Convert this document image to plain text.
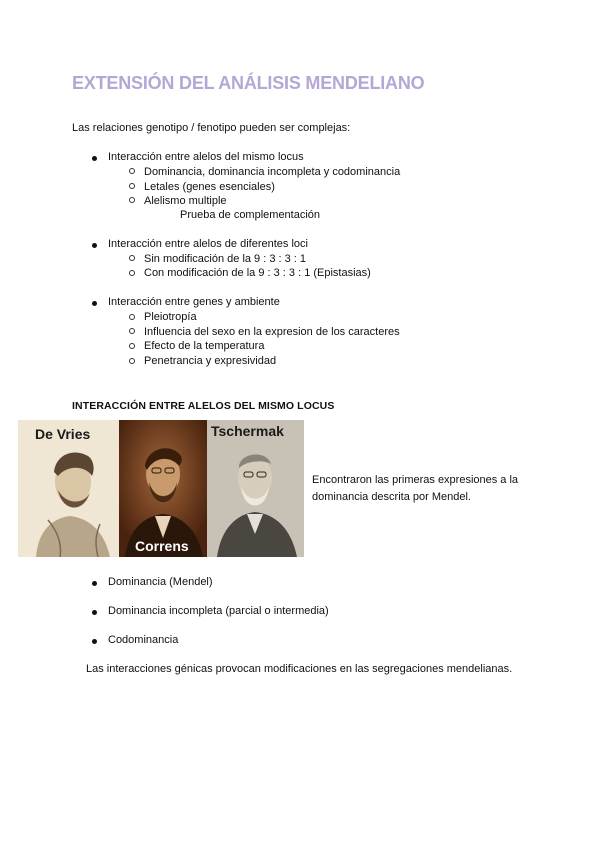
EXTENSIÓN DEL ANÁLISIS MENDELIANO
Las relaciones genotipo / fenotipo pueden ser complejas:
Interacción entre alelos del mismo locus
Dominancia, dominancia incompleta y codominancia
Letales (genes esenciales)
Alelismo multiple
Prueba de complementación
Interacción entre alelos de diferentes loci
Sin modificación de la 9 : 3 : 3 : 1
Con modificación de la 9 : 3 : 3 : 1 (Epistasias)
Interacción entre genes y ambiente
Pleiotropía
Influencia del sexo en la expresion de los caracteres
Efecto de la temperatura
Penetrancia y expresividad
INTERACCIÓN ENTRE ALELOS DEL MISMO LOCUS
De Vries
Correns
Tschermak
Encontraron las primeras expresiones a la
dominancia descrita por Mendel.
Dominancia (Mendel)
Dominancia incompleta (parcial o intermedia)
Codominancia
Las interacciones génicas provocan modificaciones en las segregaciones mendelianas.
